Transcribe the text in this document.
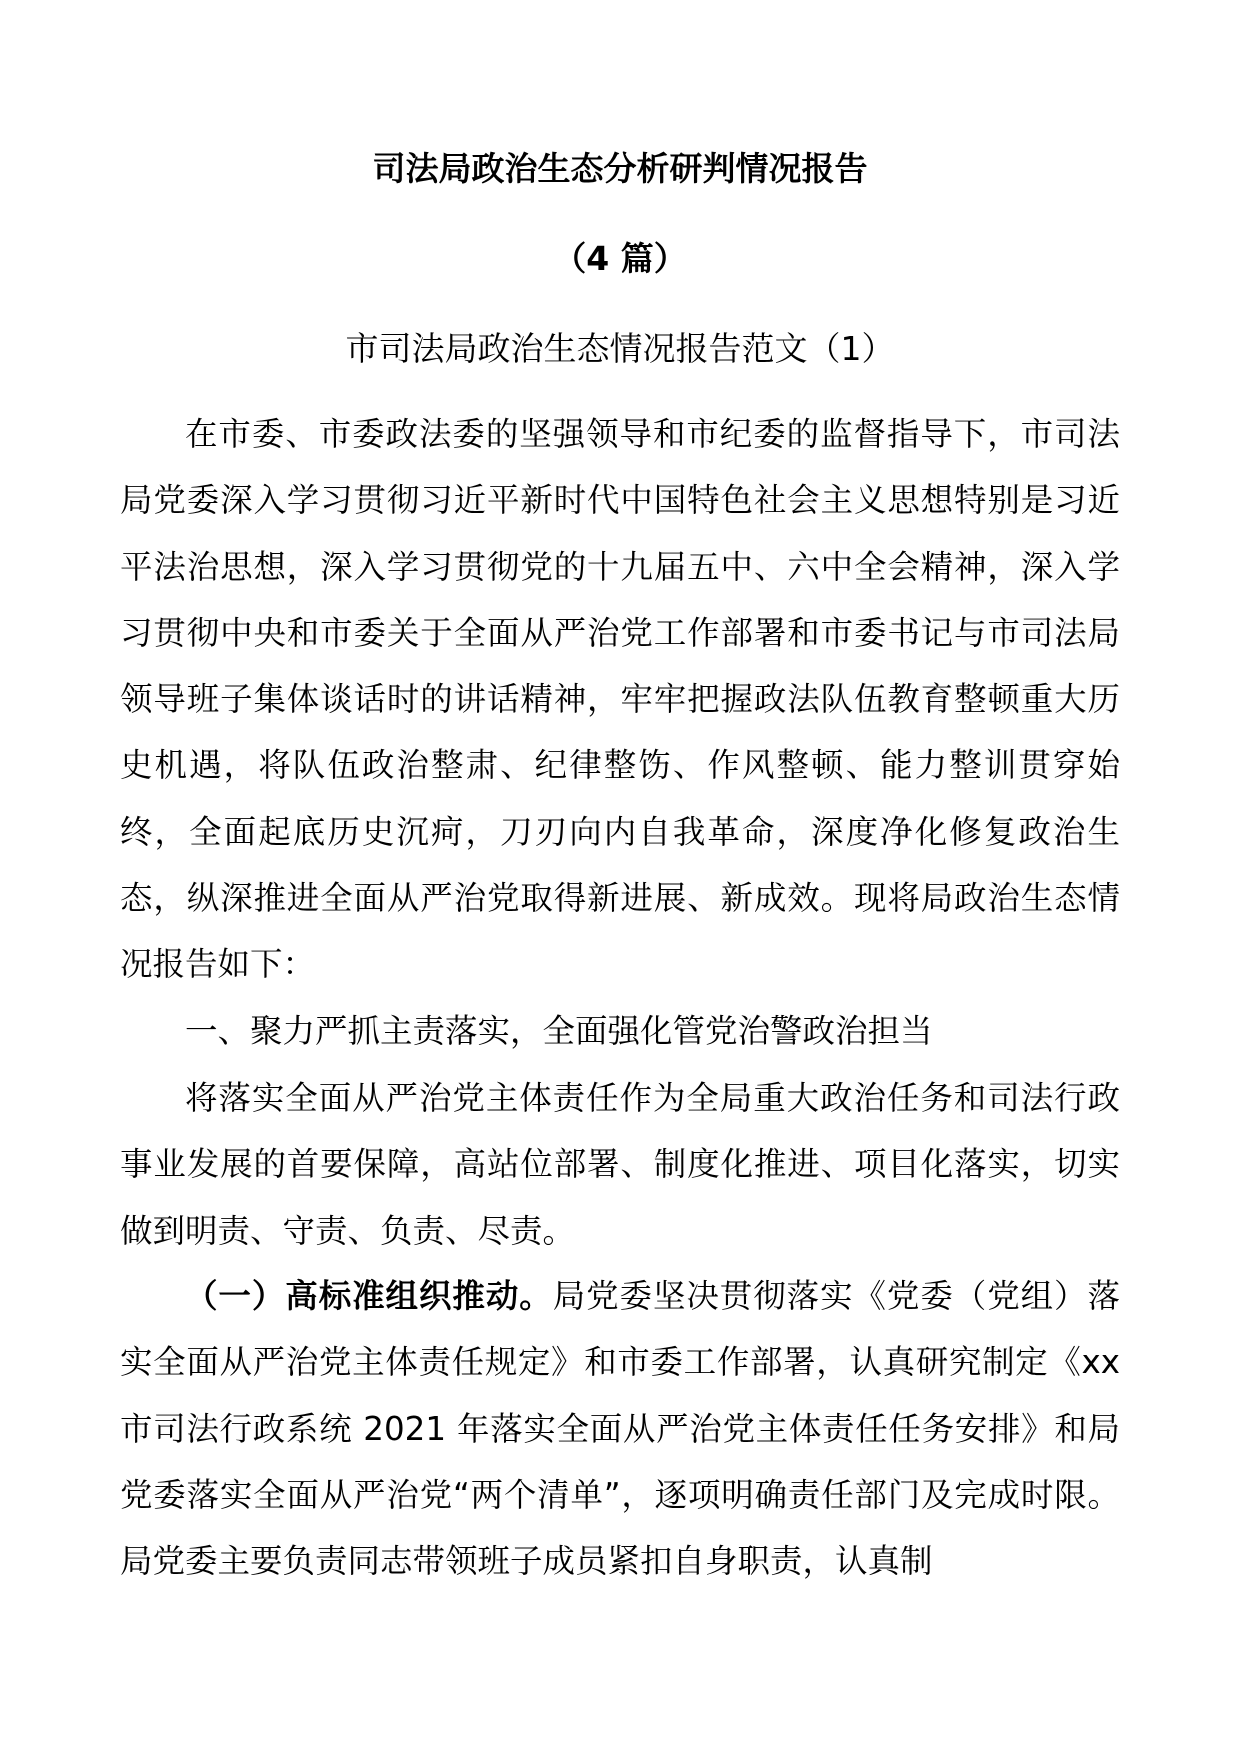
司法局政治生态分析研判情况报告
（4 篇）
市司法局政治生态情况报告范文（1）

在市委、市委政法委的坚强领导和市纪委的监督指导下，市司法局党委深入学习贯彻习近平新时代中国特色社会主义思想特别是习近平法治思想，深入学习贯彻党的十九届五中、六中全会精神，深入学习贯彻中央和市委关于全面从严治党工作部署和市委书记与市司法局领导班子集体谈话时的讲话精神，牢牢把握政法队伍教育整顿重大历史机遇，将队伍政治整肃、纪律整饬、作风整顿、能力整训贯穿始终，全面起底历史沉疴，刀刃向内自我革命，深度净化修复政治生态，纵深推进全面从严治党取得新进展、新成效。现将局政治生态情况报告如下：

一、聚力严抓主责落实，全面强化管党治警政治担当

将落实全面从严治党主体责任作为全局重大政治任务和司法行政事业发展的首要保障，高站位部署、制度化推进、项目化落实，切实做到明责、守责、负责、尽责。

（一）高标准组织推动。局党委坚决贯彻落实《党委（党组）落实全面从严治党主体责任规定》和市委工作部署，认真研究制定《xx 市司法行政系统 2021 年落实全面从严治党主体责任任务安排》和局党委落实全面从严治党“两个清单”，逐项明确责任部门及完成时限。局党委主要负责同志带领班子成员紧扣自身职责，认真制
